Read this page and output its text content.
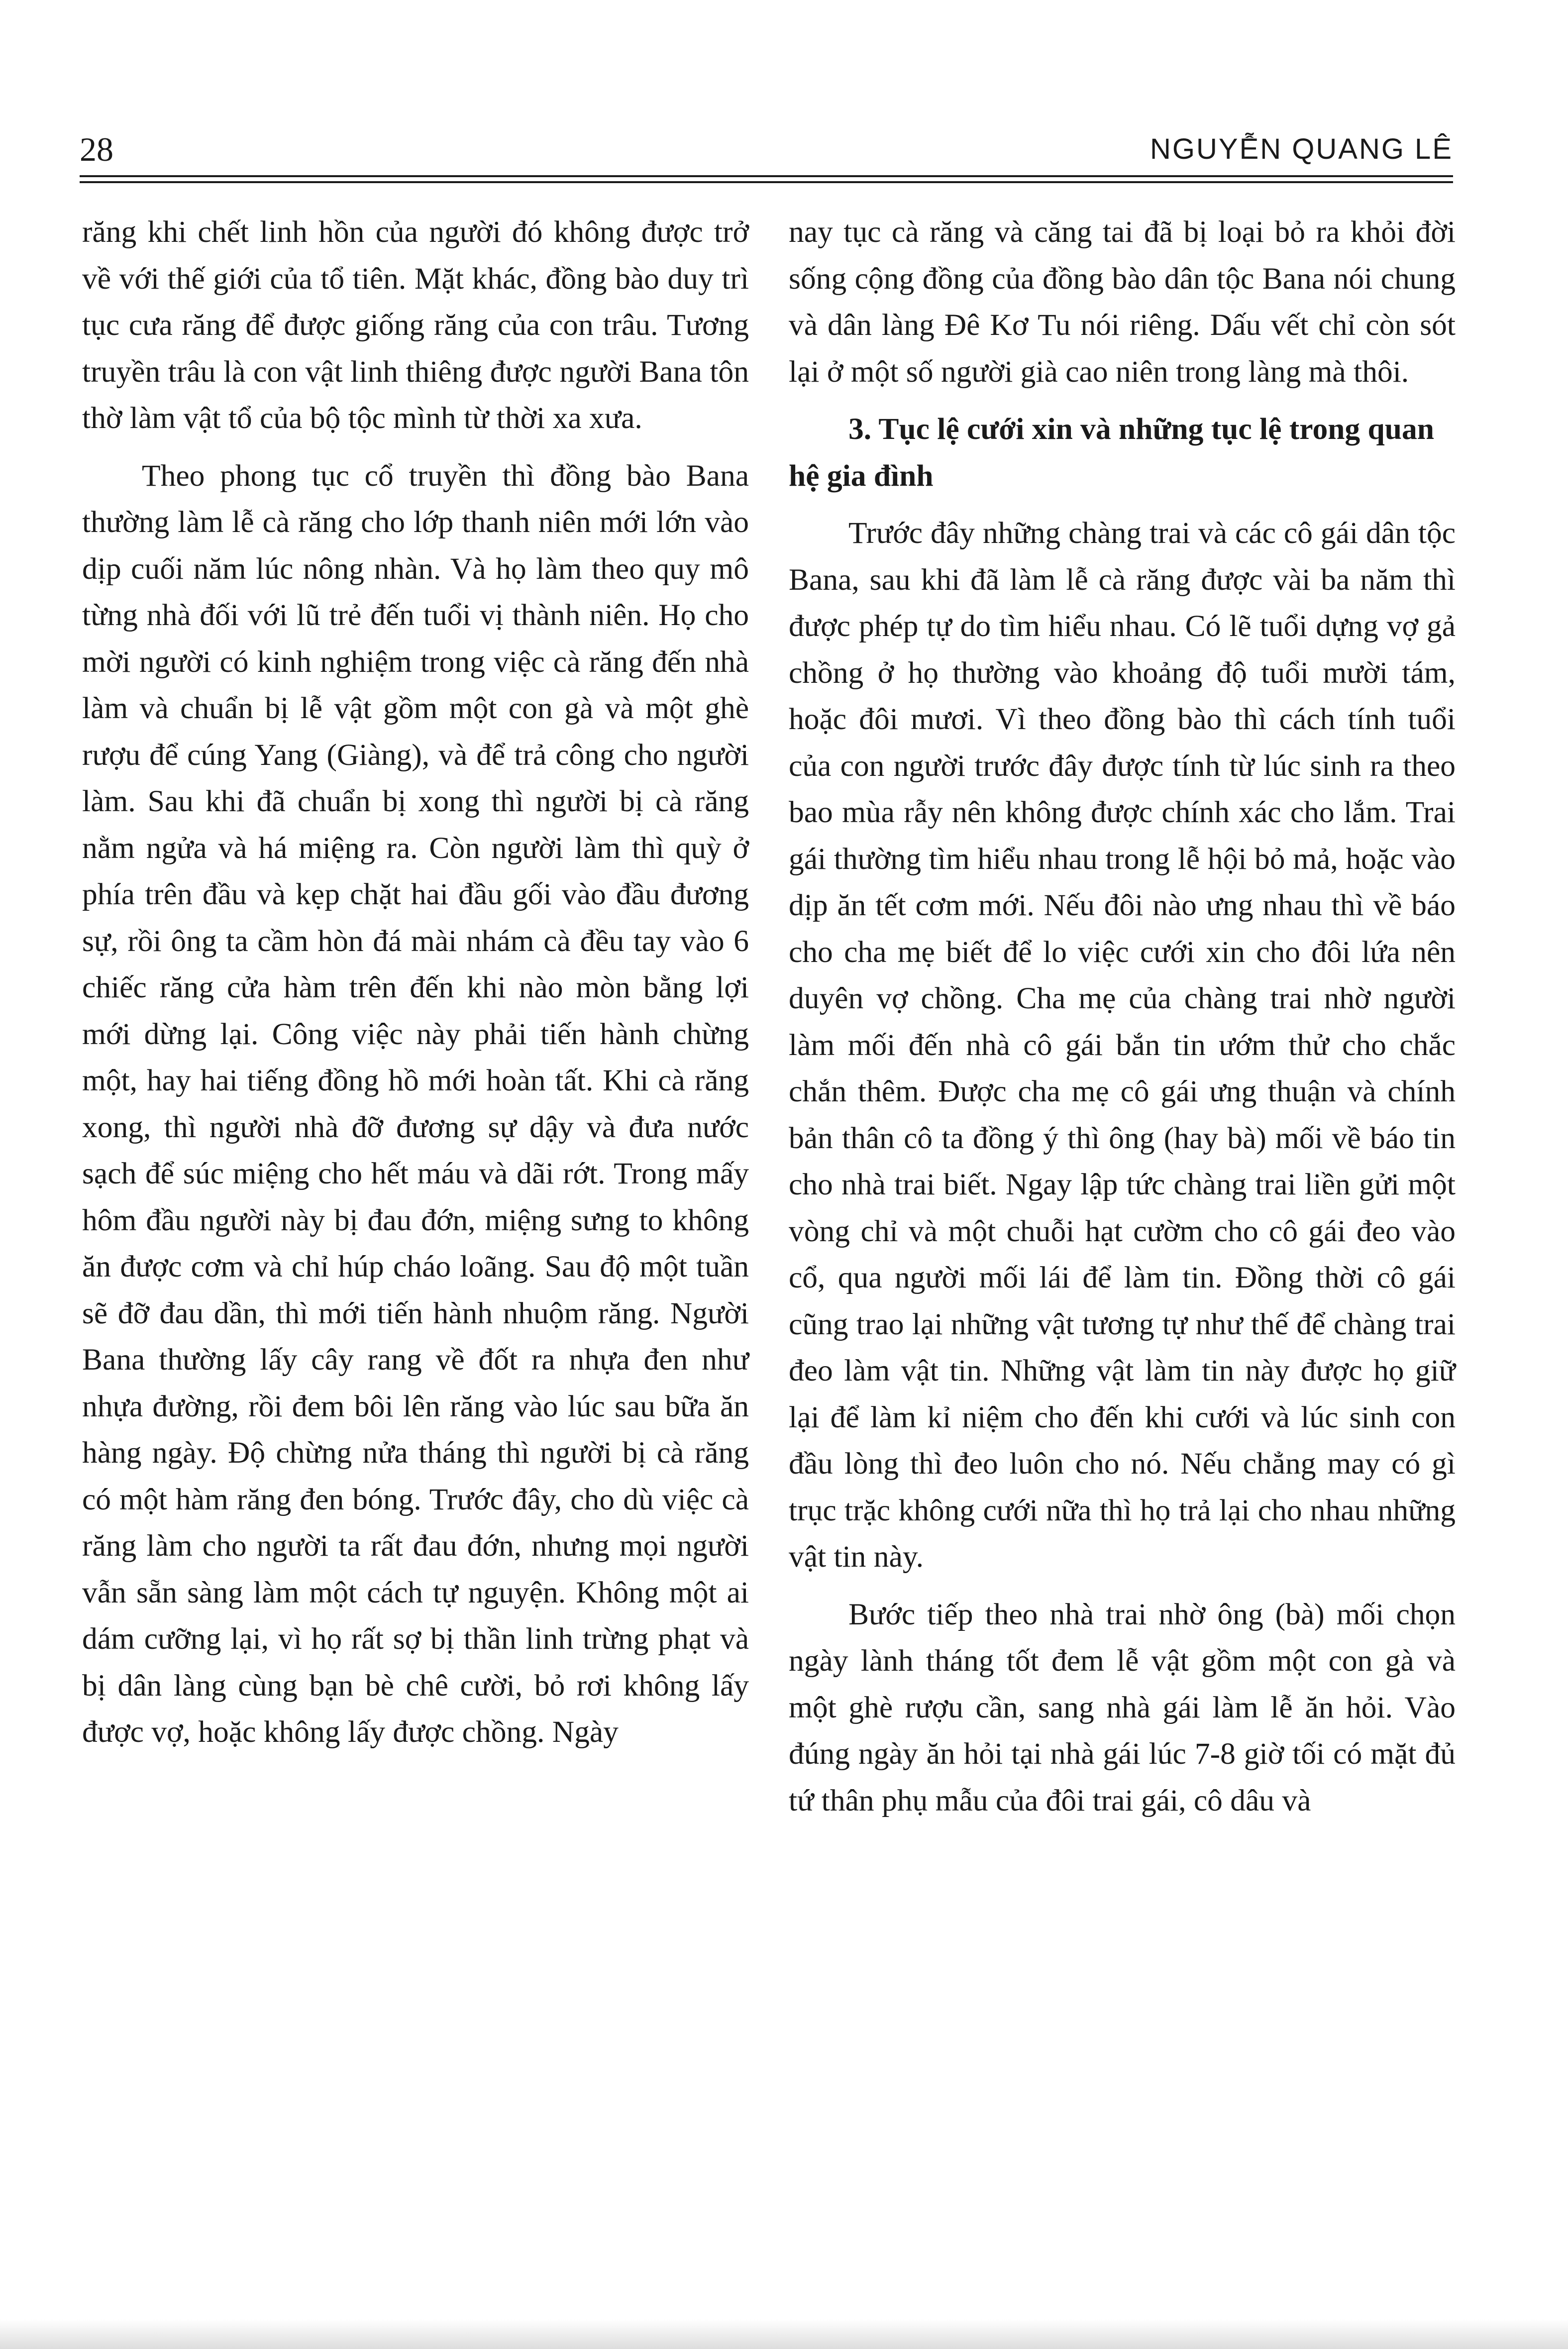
28	NGUYỄN QUANG LÊ

răng khi chết linh hồn của người đó không được trở về với thế giới của tổ tiên. Mặt khác, đồng bào duy trì tục cưa răng để được giống răng của con trâu. Tương truyền trâu là con vật linh thiêng được người Bana tôn thờ làm vật tổ của bộ tộc mình từ thời xa xưa.

Theo phong tục cổ truyền thì đồng bào Bana thường làm lễ cà răng cho lớp thanh niên mới lớn vào dịp cuối năm lúc nông nhàn. Và họ làm theo quy mô từng nhà đối với lũ trẻ đến tuổi vị thành niên. Họ cho mời người có kinh nghiệm trong việc cà răng đến nhà làm và chuẩn bị lễ vật gồm một con gà và một ghè rượu để cúng Yang (Giàng), và để trả công cho người làm. Sau khi đã chuẩn bị xong thì người bị cà răng nằm ngửa và há miệng ra. Còn người làm thì quỳ ở phía trên đầu và kẹp chặt hai đầu gối vào đầu đương sự, rồi ông ta cầm hòn đá mài nhám cà đều tay vào 6 chiếc răng cửa hàm trên đến khi nào mòn bằng lợi mới dừng lại. Công việc này phải tiến hành chừng một, hay hai tiếng đồng hồ mới hoàn tất. Khi cà răng xong, thì người nhà đỡ đương sự dậy và đưa nước sạch để súc miệng cho hết máu và dãi rớt. Trong mấy hôm đầu người này bị đau đớn, miệng sưng to không ăn được cơm và chỉ húp cháo loãng. Sau độ một tuần sẽ đỡ đau dần, thì mới tiến hành nhuộm răng. Người Bana thường lấy cây rang về đốt ra nhựa đen như nhựa đường, rồi đem bôi lên răng vào lúc sau bữa ăn hàng ngày. Độ chừng nửa tháng thì người bị cà răng có một hàm răng đen bóng. Trước đây, cho dù việc cà răng làm cho người ta rất đau đớn, nhưng mọi người vẫn sẵn sàng làm một cách tự nguyện. Không một ai dám cưỡng lại, vì họ rất sợ bị thần linh trừng phạt và bị dân làng cùng bạn bè chê cười, bỏ rơi không lấy được vợ, hoặc không lấy được chồng. Ngày

nay tục cà răng và căng tai đã bị loại bỏ ra khỏi đời sống cộng đồng của đồng bào dân tộc Bana nói chung và dân làng Đê Kơ Tu nói riêng. Dấu vết chỉ còn sót lại ở một số người già cao niên trong làng mà thôi.

3. Tục lệ cưới xin và những tục lệ trong quan hệ gia đình

Trước đây những chàng trai và các cô gái dân tộc Bana, sau khi đã làm lễ cà răng được vài ba năm thì được phép tự do tìm hiểu nhau. Có lẽ tuổi dựng vợ gả chồng ở họ thường vào khoảng độ tuổi mười tám, hoặc đôi mươi. Vì theo đồng bào thì cách tính tuổi của con người trước đây được tính từ lúc sinh ra theo bao mùa rẫy nên không được chính xác cho lắm. Trai gái thường tìm hiểu nhau trong lễ hội bỏ mả, hoặc vào dịp ăn tết cơm mới. Nếu đôi nào ưng nhau thì về báo cho cha mẹ biết để lo việc cưới xin cho đôi lứa nên duyên vợ chồng. Cha mẹ của chàng trai nhờ người làm mối đến nhà cô gái bắn tin ướm thử cho chắc chắn thêm. Được cha mẹ cô gái ưng thuận và chính bản thân cô ta đồng ý thì ông (hay bà) mối về báo tin cho nhà trai biết. Ngay lập tức chàng trai liền gửi một vòng chỉ và một chuỗi hạt cườm cho cô gái đeo vào cổ, qua người mối lái để làm tin. Đồng thời cô gái cũng trao lại những vật tương tự như thế để chàng trai đeo làm vật tin. Những vật làm tin này được họ giữ lại để làm kỉ niệm cho đến khi cưới và lúc sinh con đầu lòng thì đeo luôn cho nó. Nếu chẳng may có gì trục trặc không cưới nữa thì họ trả lại cho nhau những vật tin này.

Bước tiếp theo nhà trai nhờ ông (bà) mối chọn ngày lành tháng tốt đem lễ vật gồm một con gà và một ghè rượu cần, sang nhà gái làm lễ ăn hỏi. Vào đúng ngày ăn hỏi tại nhà gái lúc 7-8 giờ tối có mặt đủ tứ thân phụ mẫu của đôi trai gái, cô dâu và
